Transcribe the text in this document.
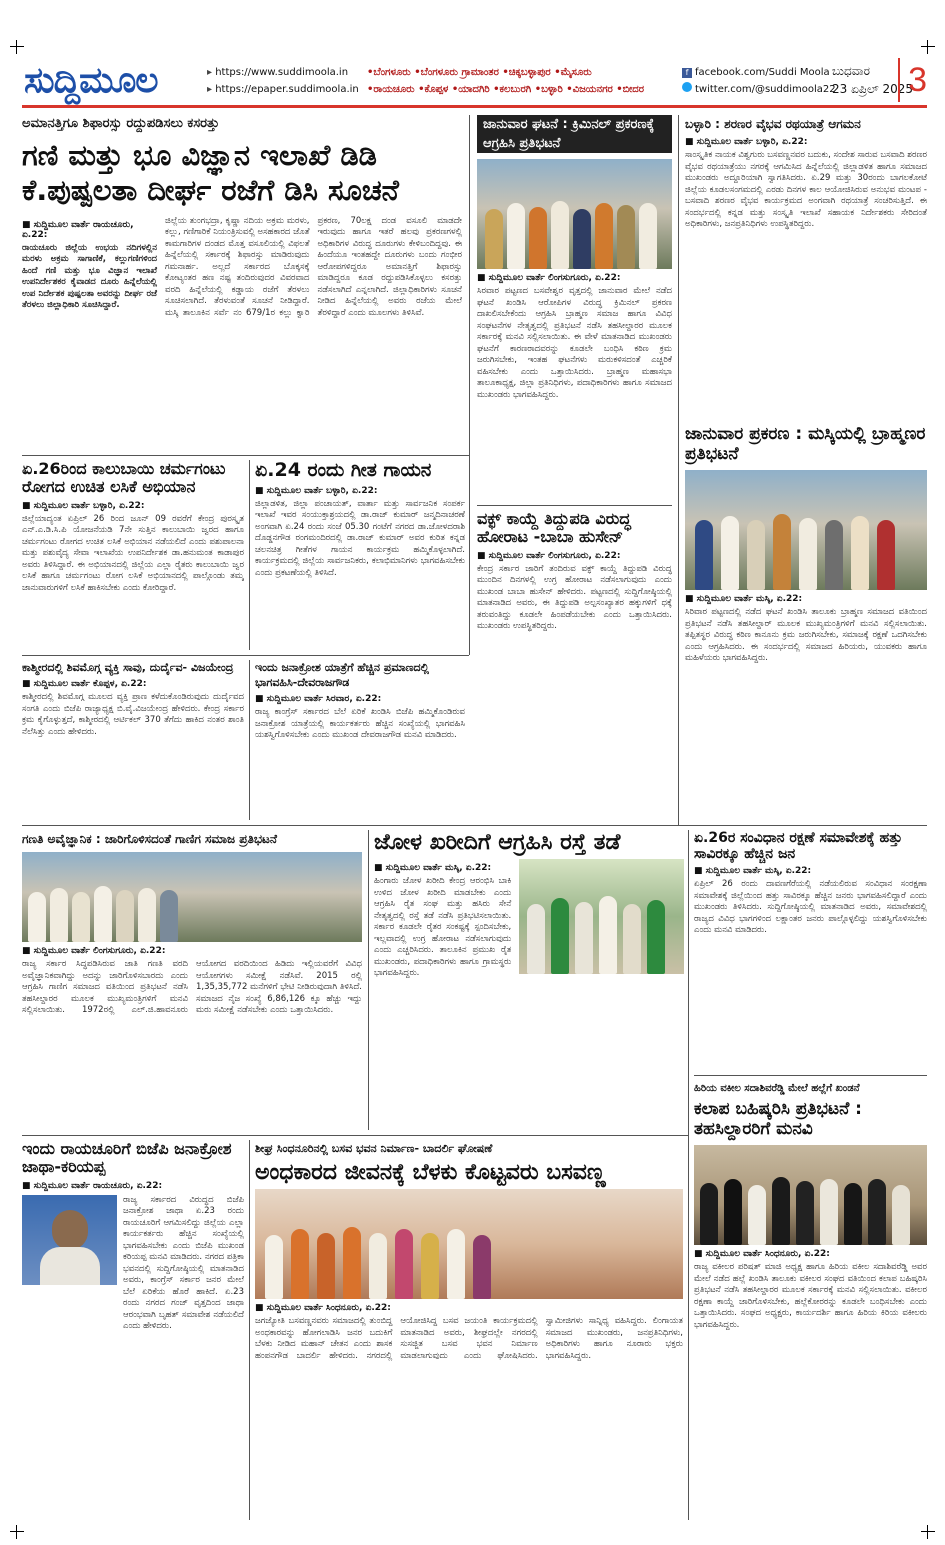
ಸುದ್ದಿಮೂಲ
▸	https://www.suddimoola.in
▸ https://epaper.suddimoola.in
•ಬೆಂಗಳೂರು •ಬೆಂಗಳೂರು ಗ್ರಾಮಾಂತರ •ಚಿಕ್ಕಬಳ್ಳಾಪುರ •ಮೈಸೂರು
•ರಾಯಚೂರು •ಕೊಪ್ಪಳ •ಯಾದಗಿರಿ •ಕಲಬುರಗಿ •ಬಳ್ಳಾರಿ •ವಿಜಯನಗರ •ಬೀದರ
f facebook.com/Suddi Moola
twitter.com/@suddimoola22
ಬುಧವಾರ
23 ಏಪ್ರಿಲ್ 2025
3
ಅಮಾನತ್ತಿಗೂ ಶಿಫಾರಸ್ಸು ರದ್ದುಪಡಿಸಲು ಕಸರತ್ತು
ಗಣಿ ಮತ್ತು ಭೂ ವಿಜ್ಞಾನ ಇಲಾಖೆ ಡಿಡಿ
ಕೆ.ಪುಷ್ಪಲತಾ ದೀರ್ಘ ರಜೆಗೆ ಡಿಸಿ ಸೂಚನೆ
■ ಸುದ್ದಿಮೂಲ ವಾರ್ತೆ ರಾಯಚೂರು, ಏ.22:
ರಾಯಚೂರು ಜಿಲ್ಲೆಯ ಉಭಯ ನದಿಗಳಲ್ಲಿನ ಮರಳು ಅಕ್ರಮ ಸಾಗಾಣಿಕೆ, ಕಲ್ಲುಗಣಿಗಳಿಂದ ಹಿಂದೆ ಗಣಿ ಮತ್ತು ಭೂ ವಿಜ್ಞಾನ ಇಲಾಖೆ ಉಪನಿರ್ದೇಶಕರ ಕೈವಾಡದ ದೂರು ಹಿನ್ನೆಲೆಯಲ್ಲಿ ಉಪ ನಿರ್ದೇಶಕ ಪುಷ್ಪಲತಾ ಅವರನ್ನು ದೀರ್ಘ ರಜೆ ತೆರಳಲು ಜಿಲ್ಲಾಧಿಕಾರಿ ಸೂಚಿಸಿದ್ದಾರೆ.
ಜಿಲ್ಲೆಯ ತುಂಗಭದ್ರಾ, ಕೃಷ್ಣಾ ನದಿಯ ಅಕ್ರಮ ಮರಳು, ಕಲ್ಲು, ಗಣಿಗಾರಿಕೆ ನಿಯಂತ್ರಿಸುವಲ್ಲಿ ಅಸಹಕಾರದ ಜೊತೆ ಕಾಮಗಾರಿಗಳ ದಂಡದ ಮೊತ್ತ ವಸೂಲಿಯಲ್ಲಿ ವಿಫಲತೆ ಹಿನ್ನೆಲೆಯಲ್ಲಿ ಸರ್ಕಾರಕ್ಕೆ ಶಿಫಾರಸ್ಸು ಮಾಡಿರುವುದು ಗಮನಾರ್ಹ. ಅಲ್ಲದೆ ಸರ್ಕಾರದ ಬೊಕ್ಕಸಕ್ಕೆ ಕೋಟ್ಯಂತರ ಹಣ ನಷ್ಟ ತಂದಿರುವುದರ ವಿವರವಾದ ವರದಿ ಹಿನ್ನೆಲೆಯಲ್ಲಿ ಕಡ್ಡಾಯ ರಜೆಗೆ ತೆರಳಲು ಸೂಚಿಸಲಾಗಿದೆ. ತೆರಳುವಂತೆ ಸೂಚನೆ ನೀಡಿದ್ದಾರೆ. ಮಸ್ಕಿ ತಾಲೂಕಿನ ಸರ್ವೆ ನಂ 679/1ರ ಕಲ್ಲು ಕ್ವಾರಿ ಪ್ರಕರಣ, 70ಲಕ್ಷ ದಂಡ ವಸೂಲಿ ಮಾಡದೇ ಇರುವುದು ಹಾಗೂ ಇತರೆ ಹಲವು ಪ್ರಕರಣಗಳಲ್ಲಿ ಅಧಿಕಾರಿಗಳ ವಿರುದ್ಧ ದೂರುಗಳು ಕೇಳಿಬಂದಿದ್ದವು. ಈ ಹಿಂದೆಯೂ ಇಂತಹದ್ದೇ ದೂರುಗಳು ಬಂದು ಗಂಭೀರ ಆರೋಪಗಳಿದ್ದರೂ ಅಮಾನತ್ತಿಗೆ ಶಿಫಾರಸ್ಸು ಮಾಡಿದ್ದರೂ ಕೂಡ ರದ್ದುಪಡಿಸಿಕೊಳ್ಳಲು ಕಸರತ್ತು ನಡೆಸಲಾಗಿದೆ ಎನ್ನಲಾಗಿದೆ. ಜಿಲ್ಲಾಧಿಕಾರಿಗಳು ಸೂಚನೆ ನೀಡಿದ ಹಿನ್ನೆಲೆಯಲ್ಲಿ ಅವರು ರಜೆಯ ಮೇಲೆ ತೆರಳಿದ್ದಾರೆ ಎಂದು ಮೂಲಗಳು ತಿಳಿಸಿವೆ.
ಜಾನುವಾರ ಘಟನೆ : ಕ್ರಿಮಿನಲ್ ಪ್ರಕರಣಕ್ಕೆ ಆಗ್ರಹಿಸಿ ಪ್ರತಿಭಟನೆ
■ ಸುದ್ದಿಮೂಲ ವಾರ್ತೆ ಲಿಂಗಸುಗೂರು, ಏ.22:
ಸಿರವಾರ ಪಟ್ಟಣದ ಬಸವೇಶ್ವರ ವೃತ್ತದಲ್ಲಿ ಜಾನುವಾರ ಮೇಲೆ ನಡೆದ ಘಟನೆ ಖಂಡಿಸಿ ಆರೋಪಿಗಳ ವಿರುದ್ಧ ಕ್ರಿಮಿನಲ್ ಪ್ರಕರಣ ದಾಖಲಿಸಬೇಕೆಂದು ಆಗ್ರಹಿಸಿ ಬ್ರಾಹ್ಮಣ ಸಮಾಜ ಹಾಗೂ ವಿವಿಧ ಸಂಘಟನೆಗಳ ನೇತೃತ್ವದಲ್ಲಿ ಪ್ರತಿಭಟನೆ ನಡೆಸಿ ತಹಸೀಲ್ದಾರರ ಮೂಲಕ ಸರ್ಕಾರಕ್ಕೆ ಮನವಿ ಸಲ್ಲಿಸಲಾಯಿತು. ಈ ವೇಳೆ ಮಾತನಾಡಿದ ಮುಖಂಡರು ಘಟನೆಗೆ ಕಾರಣರಾದವರನ್ನು ಕೂಡಲೇ ಬಂಧಿಸಿ ಕಠಿಣ ಕ್ರಮ ಜರುಗಿಸಬೇಕು, ಇಂತಹ ಘಟನೆಗಳು ಮರುಕಳಿಸದಂತೆ ಎಚ್ಚರಿಕೆ ವಹಿಸಬೇಕು ಎಂದು ಒತ್ತಾಯಿಸಿದರು. ಬ್ರಾಹ್ಮಣ ಮಹಾಸಭಾ ತಾಲೂಕಾಧ್ಯಕ್ಷ, ಜಿಲ್ಲಾ ಪ್ರತಿನಿಧಿಗಳು, ಪದಾಧಿಕಾರಿಗಳು ಹಾಗೂ ಸಮಾಜದ ಮುಖಂಡರು ಭಾಗವಹಿಸಿದ್ದರು.
ಬಳ್ಳಾರಿ : ಶರಣರ ವೈಭವ ರಥಯಾತ್ರೆ ಆಗಮನ
■ ಸುದ್ದಿಮೂಲ ವಾರ್ತೆ ಬಳ್ಳಾರಿ, ಏ.22:
ಸಾಂಸ್ಕೃತಿಕ ನಾಯಕ ವಿಶ್ವಗುರು ಬಸವಣ್ಣನವರ ಬದುಕು, ಸಂದೇಶ ಸಾರುವ ಬಸವಾದಿ ಶರಣರ ವೈಭವ ರಥಯಾತ್ರೆಯು ನಗರಕ್ಕೆ ಆಗಮಿಸಿದ ಹಿನ್ನೆಲೆಯಲ್ಲಿ ಜಿಲ್ಲಾಡಳಿತ ಹಾಗೂ ಸಮಾಜದ ಮುಖಂಡರು ಅದ್ದೂರಿಯಾಗಿ ಸ್ವಾಗತಿಸಿದರು. ಏ.29 ಮತ್ತು 30ರಂದು ಬಾಗಲಕೋಟೆ ಜಿಲ್ಲೆಯ ಕೂಡಲಸಂಗಮದಲ್ಲಿ ಎರಡು ದಿನಗಳ ಕಾಲ ಆಯೋಜಿಸಿರುವ ಅನುಭವ ಮಂಟಪ - ಬಸವಾದಿ ಶರಣರ ವೈಭವ ಕಾರ್ಯಕ್ರಮದ ಅಂಗವಾಗಿ ರಥಯಾತ್ರೆ ಸಂಚರಿಸುತ್ತಿದೆ. ಈ ಸಂದರ್ಭದಲ್ಲಿ ಕನ್ನಡ ಮತ್ತು ಸಂಸ್ಕೃತಿ ಇಲಾಖೆ ಸಹಾಯಕ ನಿರ್ದೇಶಕರು ಸೇರಿದಂತೆ ಅಧಿಕಾರಿಗಳು, ಜನಪ್ರತಿನಿಧಿಗಳು ಉಪಸ್ಥಿತರಿದ್ದರು.
ಜಾನುವಾರ ಪ್ರಕರಣ : ಮಸ್ಕಿಯಲ್ಲಿ ಬ್ರಾಹ್ಮಣರ ಪ್ರತಿಭಟನೆ
■ ಸುದ್ದಿಮೂಲ ವಾರ್ತೆ ಮಸ್ಕಿ, ಏ.22:
ಸಿರಿವಾರ ಪಟ್ಟಣದಲ್ಲಿ ನಡೆದ ಘಟನೆ ಖಂಡಿಸಿ ತಾಲೂಕು ಬ್ರಾಹ್ಮಣ ಸಮಾಜದ ವತಿಯಿಂದ ಪ್ರತಿಭಟನೆ ನಡೆಸಿ ತಹಸೀಲ್ದಾರ್ ಮೂಲಕ ಮುಖ್ಯಮಂತ್ರಿಗಳಿಗೆ ಮನವಿ ಸಲ್ಲಿಸಲಾಯಿತು. ತಪ್ಪಿತಸ್ಥರ ವಿರುದ್ಧ ಕಠಿಣ ಕಾನೂನು ಕ್ರಮ ಜರುಗಿಸಬೇಕು, ಸಮಾಜಕ್ಕೆ ರಕ್ಷಣೆ ಒದಗಿಸಬೇಕು ಎಂದು ಆಗ್ರಹಿಸಿದರು. ಈ ಸಂದರ್ಭದಲ್ಲಿ ಸಮಾಜದ ಹಿರಿಯರು, ಯುವಕರು ಹಾಗೂ ಮಹಿಳೆಯರು ಭಾಗವಹಿಸಿದ್ದರು.
ಏ.26ರಿಂದ ಕಾಲುಬಾಯಿ ಚರ್ಮಗಂಟು ರೋಗದ ಉಚಿತ ಲಸಿಕೆ ಅಭಿಯಾನ
■ ಸುದ್ದಿಮೂಲ ವಾರ್ತೆ ಬಳ್ಳಾರಿ, ಏ.22:
ಜಿಲ್ಲೆಯಾದ್ಯಂತ ಏಪ್ರಿಲ್ 26 ರಿಂದ ಜೂನ್ 09 ರವರೆಗೆ ಕೇಂದ್ರ ಪುರಸ್ಕೃತ ಎನ್.ಎ.ಡಿ.ಸಿ.ಪಿ ಯೋಜನೆಯಡಿ 7ನೇ ಸುತ್ತಿನ ಕಾಲುಬಾಯಿ ಜ್ವರದ ಹಾಗೂ ಚರ್ಮಗಂಟು ರೋಗದ ಉಚಿತ ಲಸಿಕೆ ಅಭಿಯಾನ ನಡೆಯಲಿದೆ ಎಂದು ಪಶುಪಾಲನಾ ಮತ್ತು ಪಶುವೈದ್ಯ ಸೇವಾ ಇಲಾಖೆಯ ಉಪನಿರ್ದೇಶಕ ಡಾ.ಹನುಮಂತ ಕಾಡಾಪುರ ಅವರು ತಿಳಿಸಿದ್ದಾರೆ. ಈ ಅಭಿಯಾನದಲ್ಲಿ ಜಿಲ್ಲೆಯ ಎಲ್ಲಾ ರೈತರು ಕಾಲುಬಾಯಿ ಜ್ವರ ಲಸಿಕೆ ಹಾಗೂ ಚರ್ಮಗಂಟು ರೋಗ ಲಸಿಕೆ ಅಭಿಯಾನದಲ್ಲಿ ಪಾಲ್ಗೊಂಡು ತಮ್ಮ ಜಾನುವಾರುಗಳಿಗೆ ಲಸಿಕೆ ಹಾಕಿಸಬೇಕು ಎಂದು ಕೋರಿದ್ದಾರೆ.
ಏ.24 ರಂದು ಗೀತ ಗಾಯನ
■ ಸುದ್ದಿಮೂಲ ವಾರ್ತೆ ಬಳ್ಳಾರಿ, ಏ.22:
ಜಿಲ್ಲಾಡಳಿತ, ಜಿಲ್ಲಾ ಪಂಚಾಯತ್, ವಾರ್ತಾ ಮತ್ತು ಸಾರ್ವಜನಿಕ ಸಂಪರ್ಕ ಇಲಾಖೆ ಇವರ ಸಂಯುಕ್ತಾಶ್ರಯದಲ್ಲಿ ಡಾ.ರಾಜ್ ಕುಮಾರ್ ಜನ್ಮದಿನಾಚರಣೆ ಅಂಗವಾಗಿ ಏ.24 ರಂದು ಸಂಜೆ 05.30 ಗಂಟೆಗೆ ನಗರದ ಡಾ.ಜೋಳದರಾಶಿ ದೊಡ್ಡನಗೌಡ ರಂಗಮಂದಿರದಲ್ಲಿ ಡಾ.ರಾಜ್ ಕುಮಾರ್ ಅವರ ಕುರಿತ ಕನ್ನಡ ಚಲನಚಿತ್ರ ಗೀತೆಗಳ ಗಾಯನ ಕಾರ್ಯಕ್ರಮ ಹಮ್ಮಿಕೊಳ್ಳಲಾಗಿದೆ. ಕಾರ್ಯಕ್ರಮದಲ್ಲಿ ಜಿಲ್ಲೆಯ ಸಾರ್ವಜನಿಕರು, ಕಲಾಭಿಮಾನಿಗಳು ಭಾಗವಹಿಸಬೇಕು ಎಂದು ಪ್ರಕಟಣೆಯಲ್ಲಿ ತಿಳಿಸಿದೆ.
ವಕ್ಫ್ ಕಾಯ್ದೆ ತಿದ್ದುಪಡಿ ವಿರುದ್ಧ ಹೋರಾಟ -ಬಾಬಾ ಹುಸೇನ್
■ ಸುದ್ದಿಮೂಲ ವಾರ್ತೆ ಲಿಂಗಸುಗೂರು, ಏ.22:
ಕೇಂದ್ರ ಸರ್ಕಾರ ಜಾರಿಗೆ ತಂದಿರುವ ವಕ್ಫ್ ಕಾಯ್ದೆ ತಿದ್ದುಪಡಿ ವಿರುದ್ಧ ಮುಂದಿನ ದಿನಗಳಲ್ಲಿ ಉಗ್ರ ಹೋರಾಟ ನಡೆಸಲಾಗುವುದು ಎಂದು ಮುಖಂಡ ಬಾಬಾ ಹುಸೇನ್ ಹೇಳಿದರು. ಪಟ್ಟಣದಲ್ಲಿ ಸುದ್ದಿಗೋಷ್ಠಿಯಲ್ಲಿ ಮಾತನಾಡಿದ ಅವರು, ಈ ತಿದ್ದುಪಡಿ ಅಲ್ಪಸಂಖ್ಯಾತರ ಹಕ್ಕುಗಳಿಗೆ ಧಕ್ಕೆ ತರುವಂತಿದ್ದು ಕೂಡಲೇ ಹಿಂಪಡೆಯಬೇಕು ಎಂದು ಒತ್ತಾಯಿಸಿದರು. ಮುಖಂಡರು ಉಪಸ್ಥಿತರಿದ್ದರು.
ಕಾಶ್ಮೀರದಲ್ಲಿ ಶಿವಮೊಗ್ಗ ವ್ಯಕ್ತಿ ಸಾವು, ದುರ್ದೈವ- ವಿಜಯೇಂದ್ರ
■ ಸುದ್ದಿಮೂಲ ವಾರ್ತೆ ಕೊಪ್ಪಳ, ಏ.22:
ಕಾಶ್ಮೀರದಲ್ಲಿ ಶಿವಮೊಗ್ಗ ಮೂಲದ ವ್ಯಕ್ತಿ ಪ್ರಾಣ ಕಳೆದುಕೊಂಡಿರುವುದು ದುರ್ದೈವದ ಸಂಗತಿ ಎಂದು ಬಿಜೆಪಿ ರಾಜ್ಯಾಧ್ಯಕ್ಷ ಬಿ.ವೈ.ವಿಜಯೇಂದ್ರ ಹೇಳಿದರು. ಕೇಂದ್ರ ಸರ್ಕಾರ ಕ್ರಮ ಕೈಗೊಳ್ಳುತ್ತದೆ, ಕಾಶ್ಮೀರದಲ್ಲಿ ಆರ್ಟಿಕಲ್ 370 ತೆಗೆದು ಹಾಕಿದ ನಂತರ ಶಾಂತಿ ನೆಲೆಸಿತ್ತು ಎಂದು ಹೇಳಿದರು.
ಇಂದು ಜನಾಕ್ರೋಶ ಯಾತ್ರೆಗೆ ಹೆಚ್ಚಿನ ಪ್ರಮಾಣದಲ್ಲಿ ಭಾಗವಹಿಸಿ-ದೇವರಾಜಗೌಡ
■ ಸುದ್ದಿಮೂಲ ವಾರ್ತೆ ಸಿರವಾರ, ಏ.22:
ರಾಜ್ಯ ಕಾಂಗ್ರೆಸ್ ಸರ್ಕಾರದ ಬೆಲೆ ಏರಿಕೆ ಖಂಡಿಸಿ ಬಿಜೆಪಿ ಹಮ್ಮಿಕೊಂಡಿರುವ ಜನಾಕ್ರೋಶ ಯಾತ್ರೆಯಲ್ಲಿ ಕಾರ್ಯಕರ್ತರು ಹೆಚ್ಚಿನ ಸಂಖ್ಯೆಯಲ್ಲಿ ಭಾಗವಹಿಸಿ ಯಶಸ್ವಿಗೊಳಿಸಬೇಕು ಎಂದು ಮುಖಂಡ ದೇವರಾಜಗೌಡ ಮನವಿ ಮಾಡಿದರು.
ಗಣತಿ ಅವೈಜ್ಞಾನಿಕ : ಜಾರಿಗೊಳಿಸದಂತೆ ಗಾಣಿಗ ಸಮಾಜ ಪ್ರತಿಭಟನೆ
■ ಸುದ್ದಿಮೂಲ ವಾರ್ತೆ ಲಿಂಗಸುಗೂರು, ಏ.22:
ರಾಜ್ಯ ಸರ್ಕಾರ ಸಿದ್ಧಪಡಿಸಿರುವ ಜಾತಿ ಗಣತಿ ವರದಿ ಅವೈಜ್ಞಾನಿಕವಾಗಿದ್ದು ಅದನ್ನು ಜಾರಿಗೊಳಿಸಬಾರದು ಎಂದು ಆಗ್ರಹಿಸಿ ಗಾಣಿಗ ಸಮಾಜದ ವತಿಯಿಂದ ಪ್ರತಿಭಟನೆ ನಡೆಸಿ ತಹಸೀಲ್ದಾರರ ಮೂಲಕ ಮುಖ್ಯಮಂತ್ರಿಗಳಿಗೆ ಮನವಿ ಸಲ್ಲಿಸಲಾಯಿತು. 1972ರಲ್ಲಿ ಎಲ್.ಜಿ.ಹಾವನೂರು ಆಯೋಗದ ವರದಿಯಿಂದ ಹಿಡಿದು ಇಲ್ಲಿಯವರೆಗೆ ವಿವಿಧ ಆಯೋಗಗಳು ಸಮೀಕ್ಷೆ ನಡೆಸಿವೆ. 2015 ರಲ್ಲಿ 1,35,35,772 ಮನೆಗಳಿಗೆ ಭೇಟಿ ನೀಡಿರುವುದಾಗಿ ತಿಳಿಸಿದೆ. ಸಮಾಜದ ನೈಜ ಸಂಖ್ಯೆ 6,86,126 ಕ್ಕೂ ಹೆಚ್ಚು ಇದ್ದು ಮರು ಸಮೀಕ್ಷೆ ನಡೆಸಬೇಕು ಎಂದು ಒತ್ತಾಯಿಸಿದರು.
ಜೋಳ ಖರೀದಿಗೆ ಆಗ್ರಹಿಸಿ ರಸ್ತೆ ತಡೆ
■ ಸುದ್ದಿಮೂಲ ವಾರ್ತೆ ಮಸ್ಕಿ, ಏ.22:
ಹಿಂಗಾರು ಜೋಳ ಖರೀದಿ ಕೇಂದ್ರ ಆರಂಭಿಸಿ ಬಾಕಿ ಉಳಿದ ಜೋಳ ಖರೀದಿ ಮಾಡಬೇಕು ಎಂದು ಆಗ್ರಹಿಸಿ ರೈತ ಸಂಘ ಮತ್ತು ಹಸಿರು ಸೇನೆ ನೇತೃತ್ವದಲ್ಲಿ ರಸ್ತೆ ತಡೆ ನಡೆಸಿ ಪ್ರತಿಭಟಿಸಲಾಯಿತು. ಸರ್ಕಾರ ಕೂಡಲೇ ರೈತರ ಸಂಕಷ್ಟಕ್ಕೆ ಸ್ಪಂದಿಸಬೇಕು, ಇಲ್ಲವಾದಲ್ಲಿ ಉಗ್ರ ಹೋರಾಟ ನಡೆಸಲಾಗುವುದು ಎಂದು ಎಚ್ಚರಿಸಿದರು. ತಾಲೂಕಿನ ಪ್ರಮುಖ ರೈತ ಮುಖಂಡರು, ಪದಾಧಿಕಾರಿಗಳು ಹಾಗೂ ಗ್ರಾಮಸ್ಥರು ಭಾಗವಹಿಸಿದ್ದರು.
ಏ.26ರ ಸಂವಿಧಾನ ರಕ್ಷಣೆ ಸಮಾವೇಶಕ್ಕೆ ಹತ್ತು ಸಾವಿರಕ್ಕೂ ಹೆಚ್ಚಿನ ಜನ
■ ಸುದ್ದಿಮೂಲ ವಾರ್ತೆ ಮಸ್ಕಿ, ಏ.22:
ಏಪ್ರಿಲ್ 26 ರಂದು ದಾವಣಗೆರೆಯಲ್ಲಿ ನಡೆಯಲಿರುವ ಸಂವಿಧಾನ ಸಂರಕ್ಷಣಾ ಸಮಾವೇಶಕ್ಕೆ ಜಿಲ್ಲೆಯಿಂದ ಹತ್ತು ಸಾವಿರಕ್ಕೂ ಹೆಚ್ಚಿನ ಜನರು ಭಾಗವಹಿಸಲಿದ್ದಾರೆ ಎಂದು ಮುಖಂಡರು ತಿಳಿಸಿದರು. ಸುದ್ದಿಗೋಷ್ಠಿಯಲ್ಲಿ ಮಾತನಾಡಿದ ಅವರು, ಸಮಾವೇಶದಲ್ಲಿ ರಾಜ್ಯದ ವಿವಿಧ ಭಾಗಗಳಿಂದ ಲಕ್ಷಾಂತರ ಜನರು ಪಾಲ್ಗೊಳ್ಳಲಿದ್ದು ಯಶಸ್ವಿಗೊಳಿಸಬೇಕು ಎಂದು ಮನವಿ ಮಾಡಿದರು.
ಹಿರಿಯ ವಕೀಲ ಸದಾಶಿವರೆಡ್ಡಿ ಮೇಲೆ ಹಲ್ಲೆಗೆ ಖಂಡನೆ
ಕಲಾಪ ಬಹಿಷ್ಕರಿಸಿ ಪ್ರತಿಭಟನೆ : ತಹಸಿಲ್ದಾರರಿಗೆ ಮನವಿ
■ ಸುದ್ದಿಮೂಲ ವಾರ್ತೆ ಸಿಂಧನೂರು, ಏ.22:
ರಾಜ್ಯ ವಕೀಲರ ಪರಿಷತ್ ಮಾಜಿ ಅಧ್ಯಕ್ಷ ಹಾಗೂ ಹಿರಿಯ ವಕೀಲ ಸದಾಶಿವರೆಡ್ಡಿ ಅವರ ಮೇಲೆ ನಡೆದ ಹಲ್ಲೆ ಖಂಡಿಸಿ ತಾಲೂಕು ವಕೀಲರ ಸಂಘದ ವತಿಯಿಂದ ಕಲಾಪ ಬಹಿಷ್ಕರಿಸಿ ಪ್ರತಿಭಟನೆ ನಡೆಸಿ ತಹಸೀಲ್ದಾರರ ಮೂಲಕ ಸರ್ಕಾರಕ್ಕೆ ಮನವಿ ಸಲ್ಲಿಸಲಾಯಿತು. ವಕೀಲರ ರಕ್ಷಣಾ ಕಾಯ್ದೆ ಜಾರಿಗೊಳಿಸಬೇಕು, ಹಲ್ಲೆಕೋರರನ್ನು ಕೂಡಲೇ ಬಂಧಿಸಬೇಕು ಎಂದು ಒತ್ತಾಯಿಸಿದರು. ಸಂಘದ ಅಧ್ಯಕ್ಷರು, ಕಾರ್ಯದರ್ಶಿ ಹಾಗೂ ಹಿರಿಯ ಕಿರಿಯ ವಕೀಲರು ಭಾಗವಹಿಸಿದ್ದರು.
ಇಂದು ರಾಯಚೂರಿಗೆ ಬಿಜೆಪಿ ಜನಾಕ್ರೋಶ ಜಾಥಾ-ಕರಿಯಪ್ಪ
■ ಸುದ್ದಿಮೂಲ ವಾರ್ತೆ ರಾಯಚೂರು, ಏ.22:
ರಾಜ್ಯ ಸರ್ಕಾರದ ವಿರುದ್ಧದ ಬಿಜೆಪಿ ಜನಾಕ್ರೋಶ ಜಾಥಾ ಏ.23 ರಂದು ರಾಯಚೂರಿಗೆ ಆಗಮಿಸಲಿದ್ದು ಜಿಲ್ಲೆಯ ಎಲ್ಲಾ ಕಾರ್ಯಕರ್ತರು ಹೆಚ್ಚಿನ ಸಂಖ್ಯೆಯಲ್ಲಿ ಭಾಗವಹಿಸಬೇಕು ಎಂದು ಬಿಜೆಪಿ ಮುಖಂಡ ಕರಿಯಪ್ಪ ಮನವಿ ಮಾಡಿದರು. ನಗರದ ಪತ್ರಿಕಾ ಭವನದಲ್ಲಿ ಸುದ್ದಿಗೋಷ್ಠಿಯಲ್ಲಿ ಮಾತನಾಡಿದ ಅವರು, ಕಾಂಗ್ರೆಸ್ ಸರ್ಕಾರ ಜನರ ಮೇಲೆ ಬೆಲೆ ಏರಿಕೆಯ ಹೊರೆ ಹಾಕಿದೆ. ಏ.23 ರಂದು ನಗರದ ಗಂಜ್ ವೃತ್ತದಿಂದ ಜಾಥಾ ಆರಂಭವಾಗಿ ಬೃಹತ್ ಸಮಾವೇಶ ನಡೆಯಲಿದೆ ಎಂದು ಹೇಳಿದರು.
ಶೀಘ್ರ ಸಿಂಧನೂರಿನಲ್ಲಿ ಬಸವ ಭವನ ನಿರ್ಮಾಣ- ಬಾದರ್ಲಿ ಘೋಷಣೆ
ಅಂಧಕಾರದ ಜೀವನಕ್ಕೆ ಬೆಳಕು ಕೊಟ್ಟವರು ಬಸವಣ್ಣ
■ ಸುದ್ದಿಮೂಲ ವಾರ್ತೆ ಸಿಂಧನೂರು, ಏ.22:
ಜಗಜ್ಯೋತಿ ಬಸವಣ್ಣನವರು ಸಮಾಜದಲ್ಲಿ ತುಂಬಿದ್ದ ಅಂಧಕಾರವನ್ನು ಹೋಗಲಾಡಿಸಿ ಜನರ ಬದುಕಿಗೆ ಬೆಳಕು ನೀಡಿದ ಮಹಾನ್ ಚೇತನ ಎಂದು ಶಾಸಕ ಹಂಪನಗೌಡ ಬಾದರ್ಲಿ ಹೇಳಿದರು. ನಗರದಲ್ಲಿ ಆಯೋಜಿಸಿದ್ದ ಬಸವ ಜಯಂತಿ ಕಾರ್ಯಕ್ರಮದಲ್ಲಿ ಮಾತನಾಡಿದ ಅವರು, ಶೀಘ್ರದಲ್ಲೇ ನಗರದಲ್ಲಿ ಸುಸಜ್ಜಿತ ಬಸವ ಭವನ ನಿರ್ಮಾಣ ಮಾಡಲಾಗುವುದು ಎಂದು ಘೋಷಿಸಿದರು. ಸ್ವಾಮೀಜಿಗಳು ಸಾನ್ನಿಧ್ಯ ವಹಿಸಿದ್ದರು. ಲಿಂಗಾಯತ ಸಮಾಜದ ಮುಖಂಡರು, ಜನಪ್ರತಿನಿಧಿಗಳು, ಅಧಿಕಾರಿಗಳು ಹಾಗೂ ನೂರಾರು ಭಕ್ತರು ಭಾಗವಹಿಸಿದ್ದರು.
